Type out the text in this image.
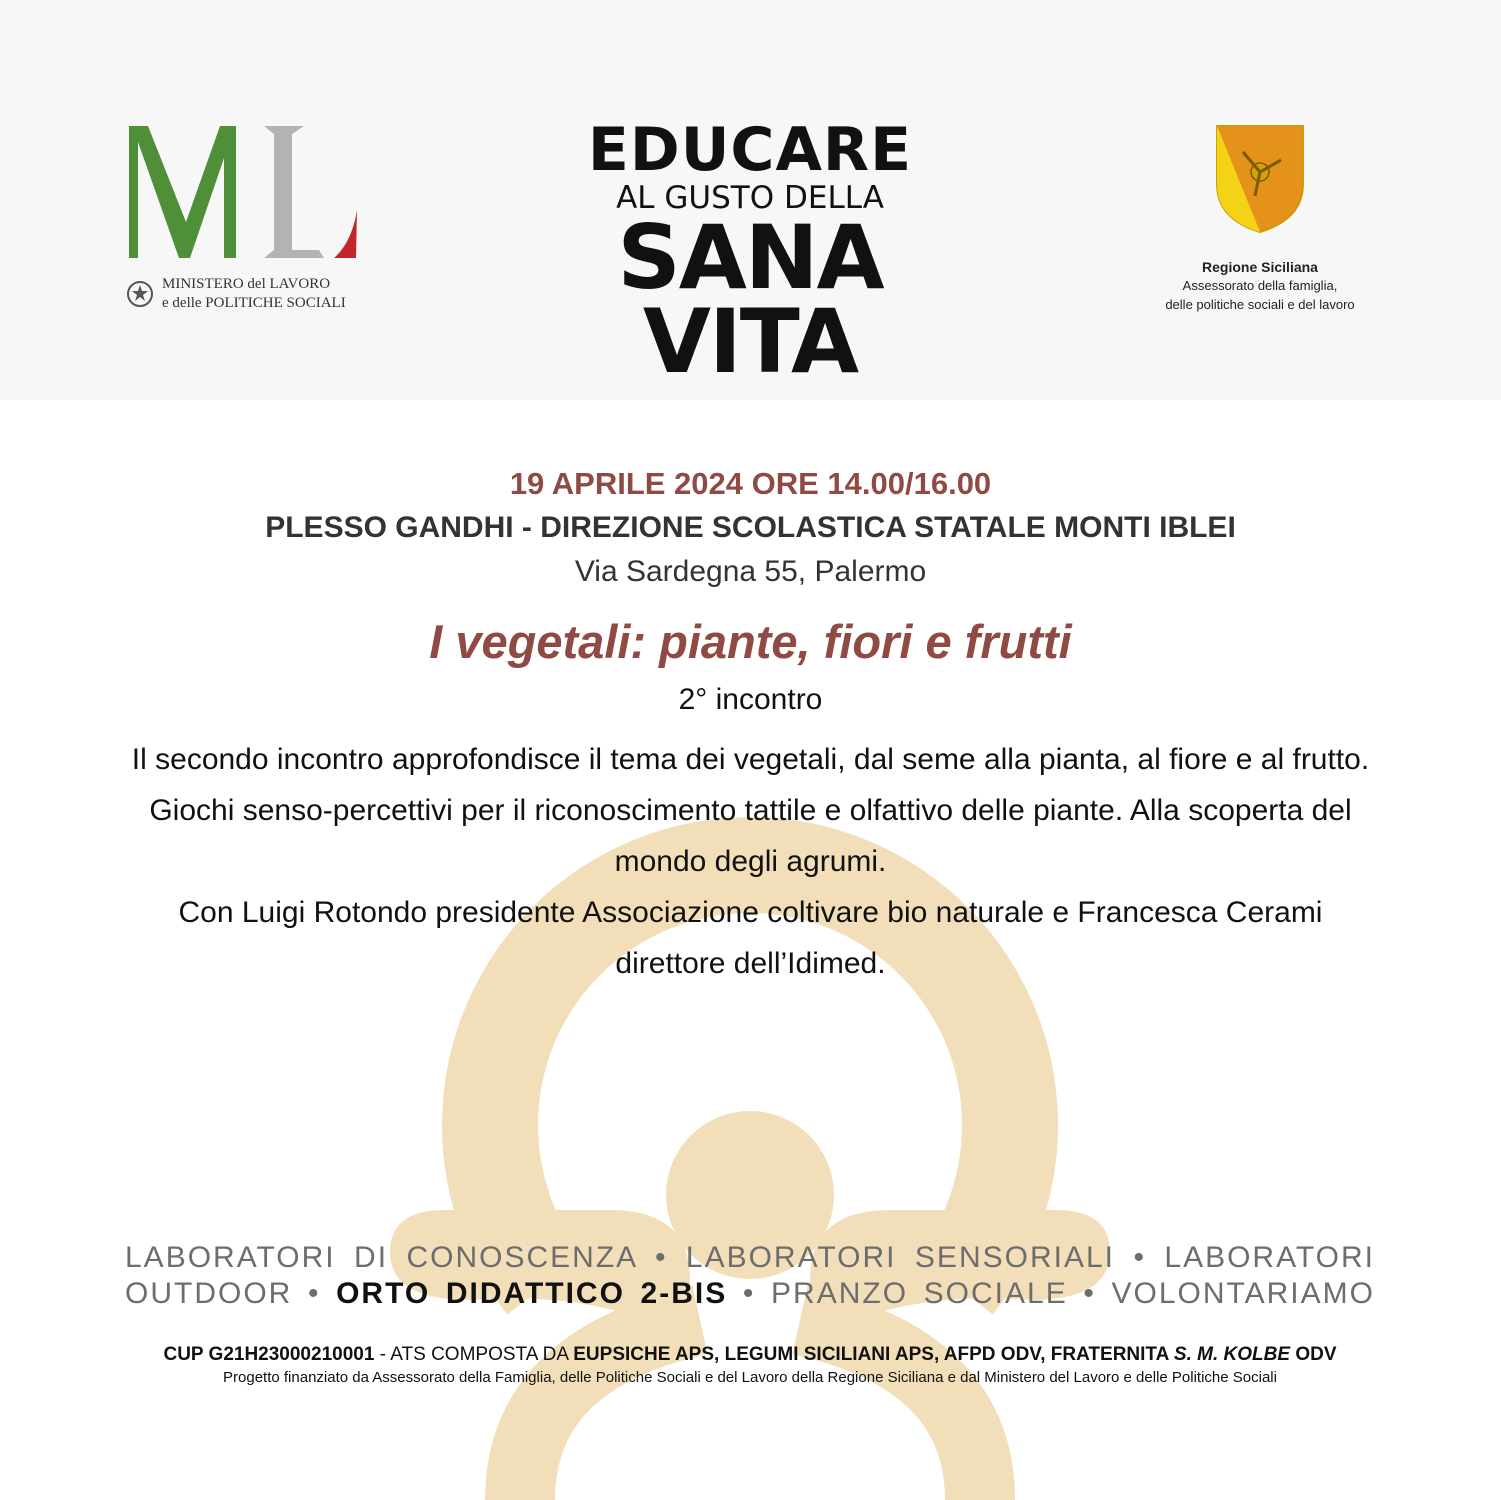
MINISTERO del LAVORO
e delle POLITICHE SOCIALI
EDUCARE
AL GUSTO DELLA
SANA
VITA
Regione Siciliana
Assessorato della famiglia,
delle politiche sociali e del lavoro
19 APRILE 2024 ORE 14.00/16.00
PLESSO GANDHI - DIREZIONE SCOLASTICA STATALE MONTI IBLEI
Via Sardegna 55, Palermo
I vegetali: piante, fiori e frutti
2° incontro
Il secondo incontro approfondisce il tema dei vegetali, dal seme alla pianta, al fiore e al frutto. Giochi senso-percettivi per il riconoscimento tattile e olfattivo delle piante. Alla scoperta del mondo degli agrumi.
Con Luigi Rotondo presidente Associazione coltivare bio naturale e Francesca Cerami direttore dell’Idimed.
LABORATORI DI CONOSCENZA • LABORATORI SENSORIALI • LABORATORI OUTDOOR • ORTO DIDATTICO 2-BIS • PRANZO SOCIALE • VOLONTARIAMO
CUP G21H23000210001 - ATS COMPOSTA DA EUPSICHE APS, LEGUMI SICILIANI APS, AFPD ODV, FRATERNITA S. M. KOLBE ODV
Progetto finanziato da Assessorato della Famiglia, delle Politiche Sociali e del Lavoro della Regione Siciliana e dal Ministero del Lavoro e delle Politiche Sociali
